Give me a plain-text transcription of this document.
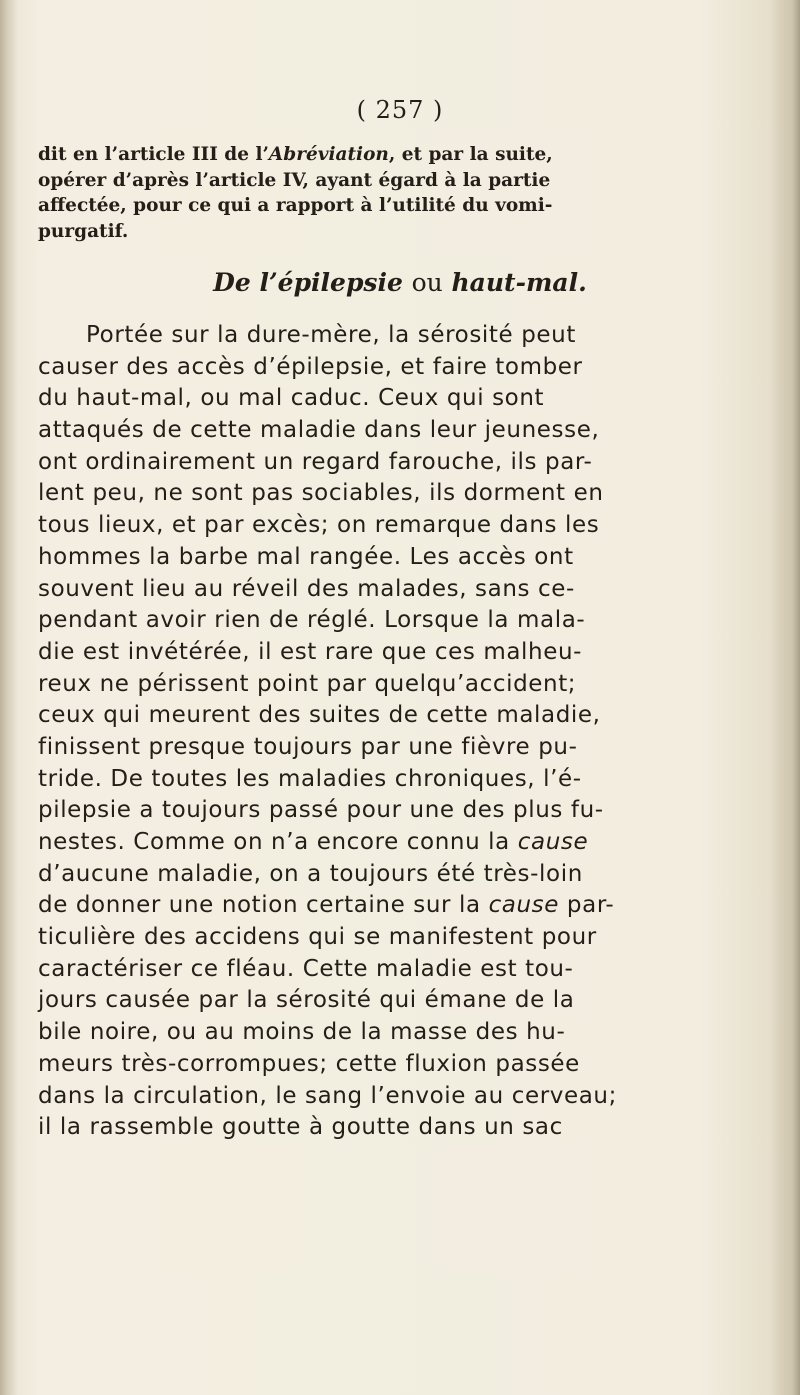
( 257 )
dit en l’article III de l’Abréviation, et par la suite,
opérer d’après l’article IV, ayant égard à la partie
affectée, pour ce qui a rapport à l’utilité du vomi-
purgatif.
De l’épilepsie ou haut-mal.
Portée sur la dure-mère, la sérosité peut
causer des accès d’épilepsie, et faire tomber
du haut-mal, ou mal caduc. Ceux qui sont
attaqués de cette maladie dans leur jeunesse,
ont ordinairement un regard farouche, ils par-
lent peu, ne sont pas sociables, ils dorment en
tous lieux, et par excès; on remarque dans les
hommes la barbe mal rangée. Les accès ont
souvent lieu au réveil des malades, sans ce-
pendant avoir rien de réglé. Lorsque la mala-
die est invétérée, il est rare que ces malheu-
reux ne périssent point par quelqu’accident;
ceux qui meurent des suites de cette maladie,
finissent presque toujours par une fièvre pu-
tride. De toutes les maladies chroniques, l’é-
pilepsie a toujours passé pour une des plus fu-
nestes. Comme on n’a encore connu la cause
d’aucune maladie, on a toujours été très-loin
de donner une notion certaine sur la cause par-
ticulière des accidens qui se manifestent pour
caractériser ce fléau. Cette maladie est tou-
jours causée par la sérosité qui émane de la
bile noire, ou au moins de la masse des hu-
meurs très-corrompues; cette fluxion passée
dans la circulation, le sang l’envoie au cerveau;
il la rassemble goutte à goutte dans un sac
